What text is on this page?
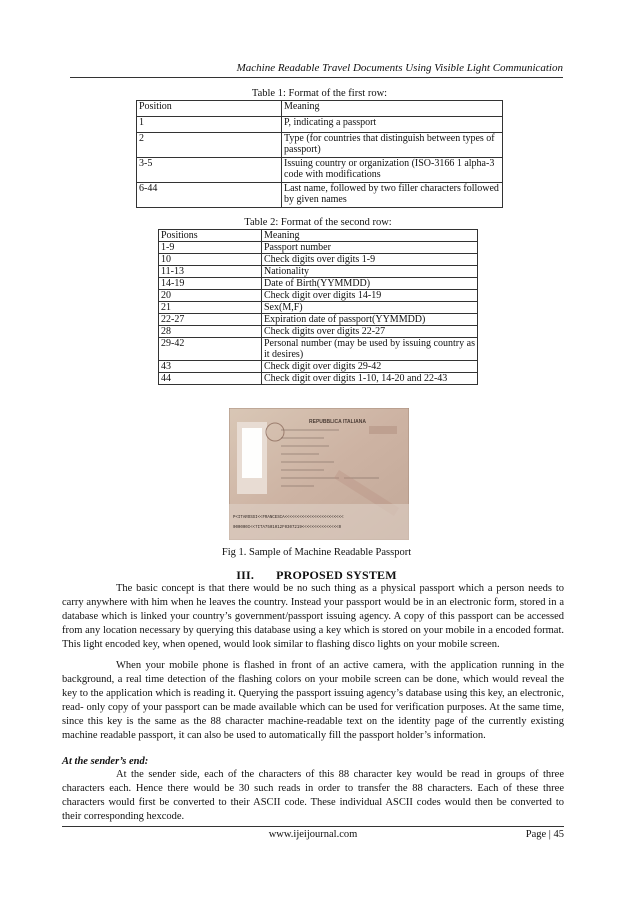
Machine Readable Travel Documents Using Visible Light Communication
Table 1: Format of the first row:
Position	Meaning
1	P, indicating a passport
2	Type (for countries that distinguish between types of passport)

3-5	Issuing country or organization (ISO-3166 1 alpha-3 code with modifications

6-44	Last name, followed by two filler characters followed by given names
Table 2: Format of the second row:
Positions	Meaning
1-9	Passport number
10	Check digits over digits 1-9
11-13	Nationality
14-19	Date of Birth(YYMMDD)
20	Check digit over digits 14-19
21	Sex(M,F)
22-27	Expiration date of passport(YYMMDD)
28	Check digits over digits 22-27
29-42	Personal number (may be used by issuing country as it desires)
43	Check digit over digits 29-42
44	Check digit over digits 1-10, 14-20 and 22-43
REPUBBLICA ITALIANA
P<ITAROSSI<<FRANCESCA<<<<<<<<<<<<<<<<<<<<<<<<
000000I<<7ITA7501012F0307219<<<<<<<<<<<<<<<0
Fig 1. Sample of Machine Readable Passport
III. PROPOSED SYSTEM

The basic concept is that there would be no such thing as a physical passport which a person needs to carry anywhere with him when he leaves the country. Instead your passport would be in an electronic form, stored in a database which is linked your country’s government/passport issuing agency. A copy of this passport can be accessed from any location necessary by querying this database using a key which is stored on your mobile in a encoded format. This light encoded key, when opened, would look similar to flashing disco lights on your mobile screen.

When your mobile phone is flashed in front of an active camera, with the application running in the background, a real time detection of the flashing colors on your mobile screen can be done, which would reveal the key to the application which is reading it. Querying the passport issuing agency’s database using this key, an electronic, read- only copy of your passport can be made available which can be used for verification purposes. At the same time, since this key is the same as the 88 character machine-readable text on the identity page of the currently existing machine readable passport, it can also be used to automatically fill the passport holder’s information.

At the sender’s end:

At the sender side, each of the characters of this 88 character key would be read in groups of three characters each. Hence there would be 30 such reads in order to transfer the 88 characters. Each of these three characters would first be converted to their ASCII code. These individual ASCII codes would then be converted to their corresponding hexcode.

www.ijeijournal.com	Page | 45
